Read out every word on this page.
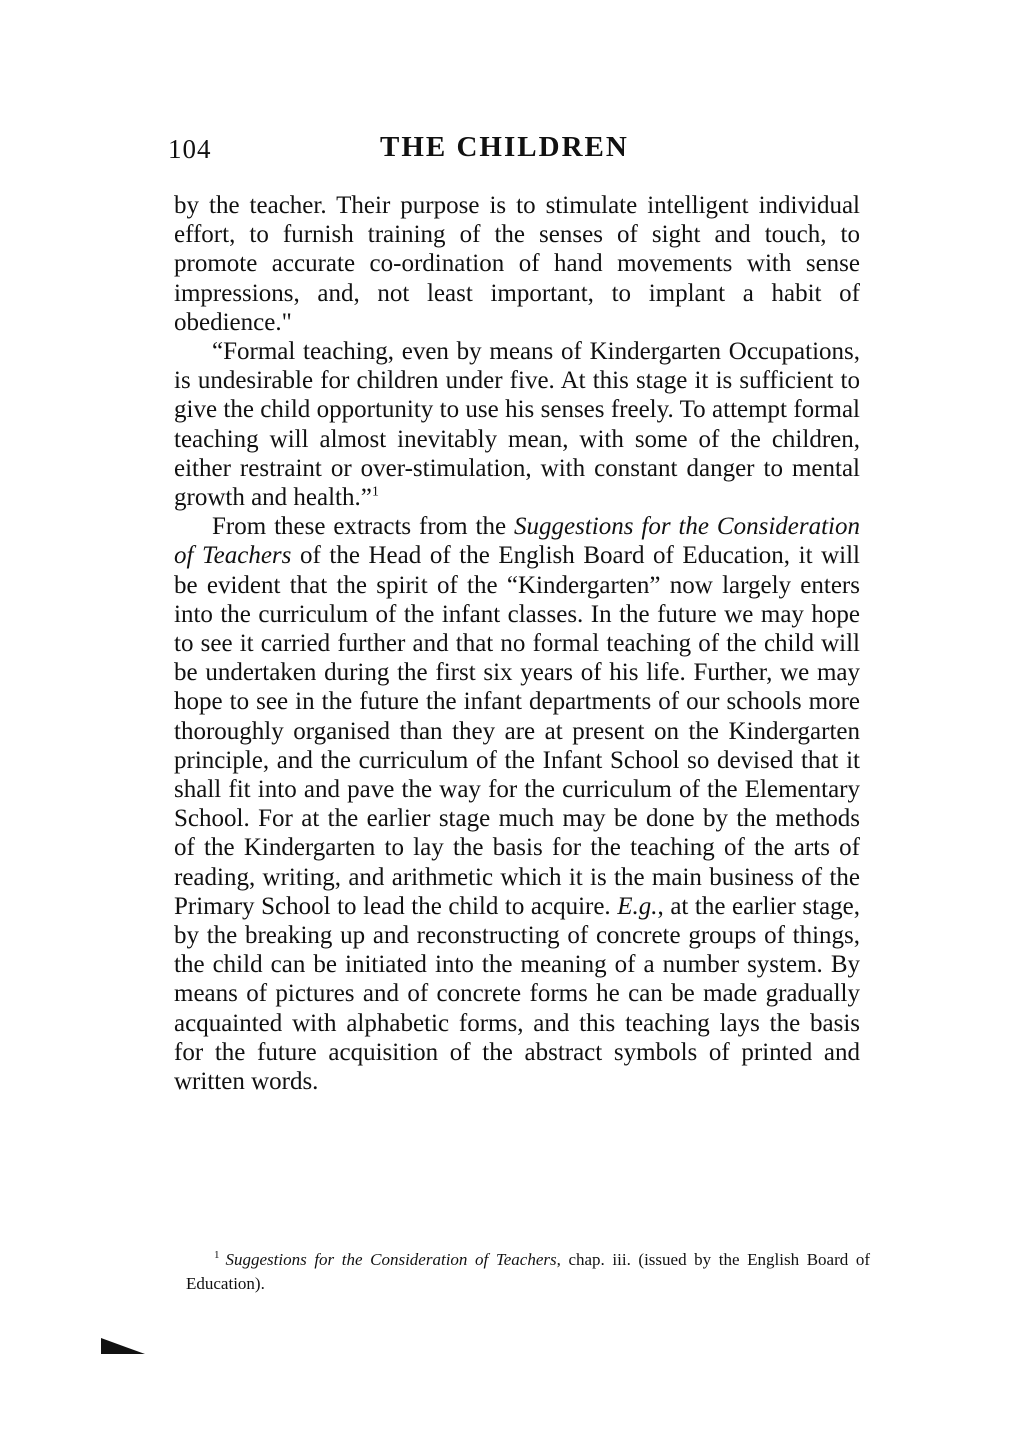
104	THE CHILDREN

by the teacher. Their purpose is to stimulate intelligent individual effort, to furnish training of the senses of sight and touch, to promote accurate co-ordination of hand movements with sense impressions, and, not least important, to implant a habit of obedience."

“Formal teaching, even by means of Kindergarten Occupations, is undesirable for children under five. At this stage it is sufficient to give the child opportunity to use his senses freely. To attempt formal teaching will almost inevitably mean, with some of the children, either restraint or over-stimulation, with constant danger to mental growth and health.”$^1$

From these extracts from the Suggestions for the Consideration of Teachers of the Head of the English Board of Education, it will be evident that the spirit of the “Kindergarten” now largely enters into the curriculum of the infant classes. In the future we may hope to see it carried further and that no formal teaching of the child will be undertaken during the first six years of his life. Further, we may hope to see in the future the infant departments of our schools more thoroughly organised than they are at present on the Kindergarten principle, and the curriculum of the Infant School so devised that it shall fit into and pave the way for the curriculum of the Elementary School. For at the earlier stage much may be done by the methods of the Kindergarten to lay the basis for the teaching of the arts of reading, writing, and arithmetic which it is the main business of the Primary School to lead the child to acquire. E.g., at the earlier stage, by the breaking up and reconstructing of concrete groups of things, the child can be initiated into the meaning of a number system. By means of pictures and of concrete forms he can be made gradually acquainted with alphabetic forms, and this teaching lays the basis for the future acquisition of the abstract symbols of printed and written words.

$^1$ Suggestions for the Consideration of Teachers, chap. iii. (issued by the English Board of Education).
